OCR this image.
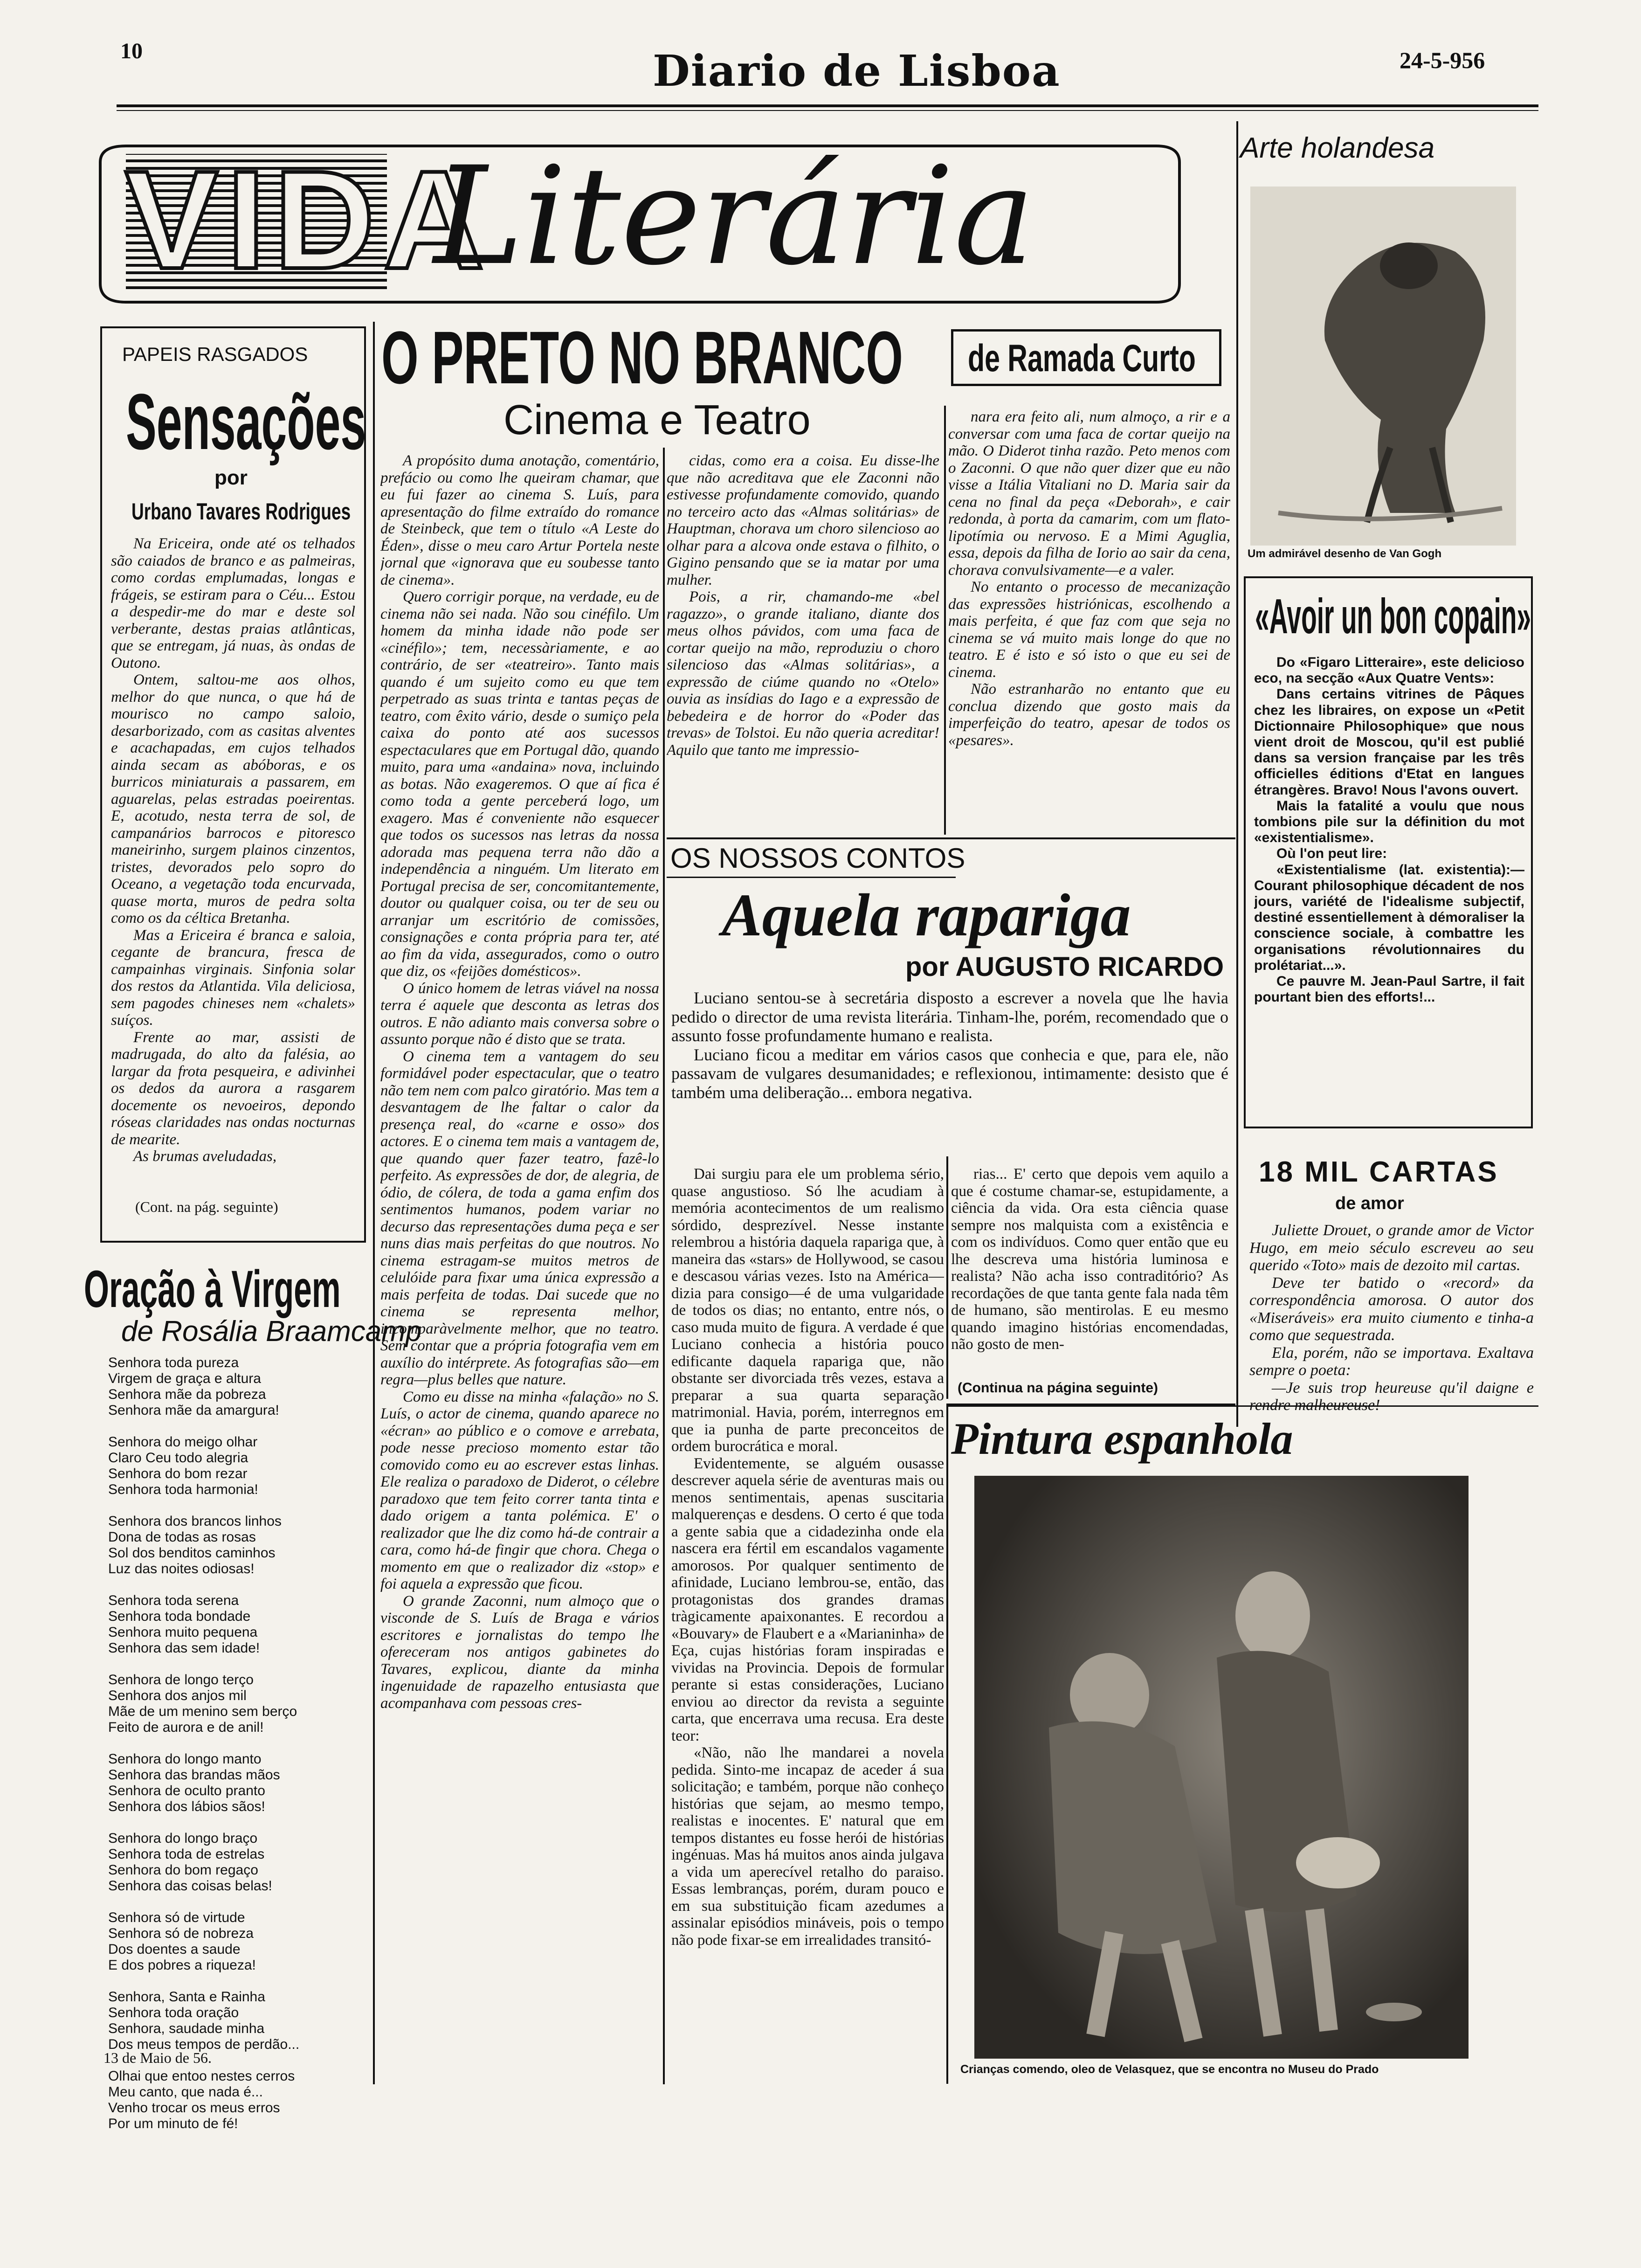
10	Diario de Lisboa	24-5-956
VIDA
Literária	Arte holandesa
Um admirável desenho de Van Gogh
PAPEIS RASGADOS
Sensações
por
Urbano Tavares Rodrigues

Na Ericeira, onde até os telhados são caiados de branco e as palmeiras, como cordas emplumadas, longas e frágeis, se estiram para o Céu... Estou a despedir-me do mar e deste sol verberante, destas praias atlânticas, que se entregam, já nuas, às ondas de Outono.

Ontem, saltou-me aos olhos, melhor do que nunca, o que há de mourisco no campo saloio, desarborizado, com as casitas alventes e acachapadas, em cujos telhados ainda secam as abóboras, e os burricos miniaturais a passarem, em aguarelas, pelas estradas poeirentas. E, acotudo, nesta terra de sol, de campanários barrocos e pitoresco maneirinho, surgem plainos cinzentos, tristes, devorados pelo sopro do Oceano, a vegetação toda encurvada, quase morta, muros de pedra solta como os da céltica Bretanha.

Mas a Ericeira é branca e saloia, cegante de brancura, fresca de campainhas virginais. Sinfonia solar dos restos da Atlantida. Vila deliciosa, sem pagodes chineses nem «chalets» suíços.

Frente ao mar, assisti de madrugada, do alto da falésia, ao largar da frota pesqueira, e adivinhei os dedos da aurora a rasgarem docemente os nevoeiros, depondo róseas claridades nas ondas nocturnas de mearite.

As brumas aveludadas,

(Cont. na pág. seguinte)
Oração à Virgem
de Rosália Braamcamp
Senhora toda pureza
Virgem de graça e altura
Senhora mãe da pobreza
Senhora mãe da amargura!
Senhora do meigo olhar
Claro Ceu todo alegria
Senhora do bom rezar
Senhora toda harmonia!
Senhora dos brancos linhos
Dona de todas as rosas
Sol dos benditos caminhos
Luz das noites odiosas!
Senhora toda serena
Senhora toda bondade
Senhora muito pequena
Senhora das sem idade!
Senhora de longo terço
Senhora dos anjos mil
Mãe de um menino sem berço
Feito de aurora e de anil!
Senhora do longo manto
Senhora das brandas mãos
Senhora de oculto pranto
Senhora dos lábios sãos!
Senhora do longo braço
Senhora toda de estrelas
Senhora do bom regaço
Senhora das coisas belas!
Senhora só de virtude
Senhora só de nobreza
Dos doentes a saude
E dos pobres a riqueza!
Senhora, Santa e Rainha
Senhora toda oração
Senhora, saudade minha
Dos meus tempos de perdão...
Olhai que entoo nestes cerros
Meu canto, que nada é...
Venho trocar os meus erros
Por um minuto de fé!
13 de Maio de 56.
O PRETO NO BRANCO
Cinema e Teatro
de Ramada Curto

A propósito duma anotação, comentário, prefácio ou como lhe queiram chamar, que eu fui fazer ao cinema S. Luís, para apresentação do filme extraído do romance de Steinbeck, que tem o título «A Leste do Éden», disse o meu caro Artur Portela neste jornal que «ignorava que eu soubesse tanto de cinema».

Quero corrigir porque, na verdade, eu de cinema não sei nada. Não sou cinéfilo. Um homem da minha idade não pode ser «cinéfilo»; tem, necessàriamente, e ao contrário, de ser «teatreiro». Tanto mais quando é um sujeito como eu que tem perpetrado as suas trinta e tantas peças de teatro, com êxito vário, desde o sumiço pela caixa do ponto até aos sucessos espectaculares que em Portugal dão, quando muito, para uma «andaina» nova, incluindo as botas. Não exageremos. O que aí fica é como toda a gente perceberá logo, um exagero. Mas é conveniente não esquecer que todos os sucessos nas letras da nossa adorada mas pequena terra não dão a independência a ninguém. Um literato em Portugal precisa de ser, concomitantemente, doutor ou qualquer coisa, ou ter de seu ou arranjar um escritório de comissões, consignações e conta própria para ter, até ao fim da vida, assegurados, como o outro que diz, os «feijões domésticos».

O único homem de letras viável na nossa terra é aquele que desconta as letras dos outros. E não adianto mais conversa sobre o assunto porque não é disto que se trata.

O cinema tem a vantagem do seu formidável poder espectacular, que o teatro não tem nem com palco giratório. Mas tem a desvantagem de lhe faltar o calor da presença real, do «carne e osso» dos actores. E o cinema tem mais a vantagem de, que quando quer fazer teatro, fazê-lo perfeito. As expressões de dor, de alegria, de ódio, de cólera, de toda a gama enfim dos sentimentos humanos, podem variar no decurso das representações duma peça e ser nuns dias mais perfeitas do que noutros. No cinema estragam-se muitos metros de celulóide para fixar uma única expressão a mais perfeita de todas. Dai sucede que no cinema se representa melhor, incomparàvelmente melhor, que no teatro. Sem contar que a própria fotografia vem em auxílio do intérprete. As fotografias são—em regra—plus belles que nature.

Como eu disse na minha «falação» no S. Luís, o actor de cinema, quando aparece no «écran» ao público e o comove e arrebata, pode nesse precioso momento estar tão comovido como eu ao escrever estas linhas. Ele realiza o paradoxo de Diderot, o célebre paradoxo que tem feito correr tanta tinta e dado origem a tanta polémica. E' o realizador que lhe diz como há-de contrair a cara, como há-de fingir que chora. Chega o momento em que o realizador diz «stop» e foi aquela a expressão que ficou.

O grande Zaconni, num almoço que o visconde de S. Luís de Braga e vários escritores e jornalistas do tempo lhe ofereceram nos antigos gabinetes do Tavares, explicou, diante da minha ingenuidade de rapazelho entusiasta que acompanhava com pessoas cres-

cidas, como era a coisa. Eu disse-lhe que não acreditava que ele Zaconni não estivesse profundamente comovido, quando no terceiro acto das «Almas solitárias» de Hauptman, chorava um choro silencioso ao olhar para a alcova onde estava o filhito, o Gigino pensando que se ia matar por uma mulher.

Pois, a rir, chamando-me «bel ragazzo», o grande italiano, diante dos meus olhos pávidos, com uma faca de cortar queijo na mão, reproduziu o choro silencioso das «Almas solitárias», a expressão de ciúme quando no «Otelo» ouvia as insídias do Iago e a expressão de bebedeira e de horror do «Poder das trevas» de Tolstoi. Eu não queria acreditar! Aquilo que tanto me impressio-

nara era feito ali, num almoço, a rir e a conversar com uma faca de cortar queijo na mão. O Diderot tinha razão. Peto menos com o Zaconni. O que não quer dizer que eu não visse a Itália Vitaliani no D. Maria sair da cena no final da peça «Deborah», e cair redonda, à porta da camarim, com um flato-lipotímia ou nervoso. E a Mimi Aguglia, essa, depois da filha de Iorio ao sair da cena, chorava convulsivamente—e a valer.

No entanto o processo de mecanização das expressões histriónicas, escolhendo a mais perfeita, é que faz com que seja no cinema se vá muito mais longe do que no teatro. E é isto e só isto o que eu sei de cinema.

Não estranharão no entanto que eu conclua dizendo que gosto mais da imperfeição do teatro, apesar de todos os «pesares».

OS NOSSOS CONTOS
Aquela rapariga
por AUGUSTO RICARDO

Luciano sentou-se à secretária disposto a escrever a novela que lhe havia pedido o director de uma revista literária. Tinham-lhe, porém, recomendado que o assunto fosse profundamente humano e realista.

Luciano ficou a meditar em vários casos que conhecia e que, para ele, não passavam de vulgares desumanidades; e reflexionou, intimamente: desisto que é também uma deliberação... embora negativa.

Dai surgiu para ele um problema sério, quase angustioso. Só lhe acudiam à memória acontecimentos de um realismo sórdido, desprezível. Nesse instante relembrou a história daquela rapariga que, à maneira das «stars» de Hollywood, se casou e descasou várias vezes. Isto na América—dizia para consigo—é de uma vulgaridade de todos os dias; no entanto, entre nós, o caso muda muito de figura. A verdade é que Luciano conhecia a história pouco edificante daquela rapariga que, não obstante ser divorciada três vezes, estava a preparar a sua quarta separação matrimonial. Havia, porém, interregnos em que ia punha de parte preconceitos de ordem burocrática e moral.

Evidentemente, se alguém ousasse descrever aquela série de aventuras mais ou menos sentimentais, apenas suscitaria malquerenças e desdens. O certo é que toda a gente sabia que a cidadezinha onde ela nascera era fértil em escandalos vagamente amorosos. Por qualquer sentimento de afinidade, Luciano lembrou-se, então, das protagonistas dos grandes dramas tràgicamente apaixonantes. E recordou a «Bouvary» de Flaubert e a «Marianinha» de Eça, cujas histórias foram inspiradas e vividas na Provincia. Depois de formular perante si estas considerações, Luciano enviou ao director da revista a seguinte carta, que encerrava uma recusa. Era deste teor:

«Não, não lhe mandarei a novela pedida. Sinto-me incapaz de aceder á sua solicitação; e também, porque não conheço histórias que sejam, ao mesmo tempo, realistas e inocentes. E' natural que em tempos distantes eu fosse herói de histórias ingénuas. Mas há muitos anos ainda julgava a vida um aperecível retalho do paraiso. Essas lembranças, porém, duram pouco e em sua substituição ficam azedumes a assinalar episódios mináveis, pois o tempo não pode fixar-se em irrealidades transitó-

rias... E' certo que depois vem aquilo a que é costume chamar-se, estupidamente, a ciência da vida. Ora esta ciência quase sempre nos malquista com a existência e com os indivíduos. Como quer então que eu lhe descreva uma história luminosa e realista? Não acha isso contraditório? As recordações de que tanta gente fala nada têm de humano, são mentirolas. E eu mesmo quando imagino histórias encomendadas, não gosto de men-

(Continua na página seguinte)
«Avoir un bon copain»

Do «Figaro Litteraire», este delicioso eco, na secção «Aux Quatre Vents»:

Dans certains vitrines de Pâques chez les libraires, on expose un «Petit Dictionnaire Philosophique» que nous vient droit de Moscou, qu'il est publié dans sa version française par les três officielles éditions d'Etat en langues étrangères. Bravo! Nous l'avons ouvert.

Mais la fatalité a voulu que nous tombions pile sur la définition du mot «existentialisme».

Où l'on peut lire:

«Existentialisme (lat. existentia):—Courant philosophique décadent de nos jours, variété de l'idealisme subjectif, destiné essentiellement à démoraliser la conscience sociale, à combattre les organisations révolutionnaires du prolétariat...».

Ce pauvre M. Jean-Paul Sartre, il fait pourtant bien des efforts!...

18 MIL CARTAS
de amor

Juliette Drouet, o grande amor de Victor Hugo, em meio século escreveu ao seu querido «Toto» mais de dezoito mil cartas.

Deve ter batido o «record» da correspondência amorosa. O autor dos «Miseráveis» era muito ciumento e tinha-a como que sequestrada.

Ela, porém, não se importava. Exaltava sempre o poeta:

—Je suis trop heureuse qu'il daigne e rendre malheureuse!

Pintura espanhola
Crianças comendo, oleo de Velasquez, que se encontra no Museu do Prado
